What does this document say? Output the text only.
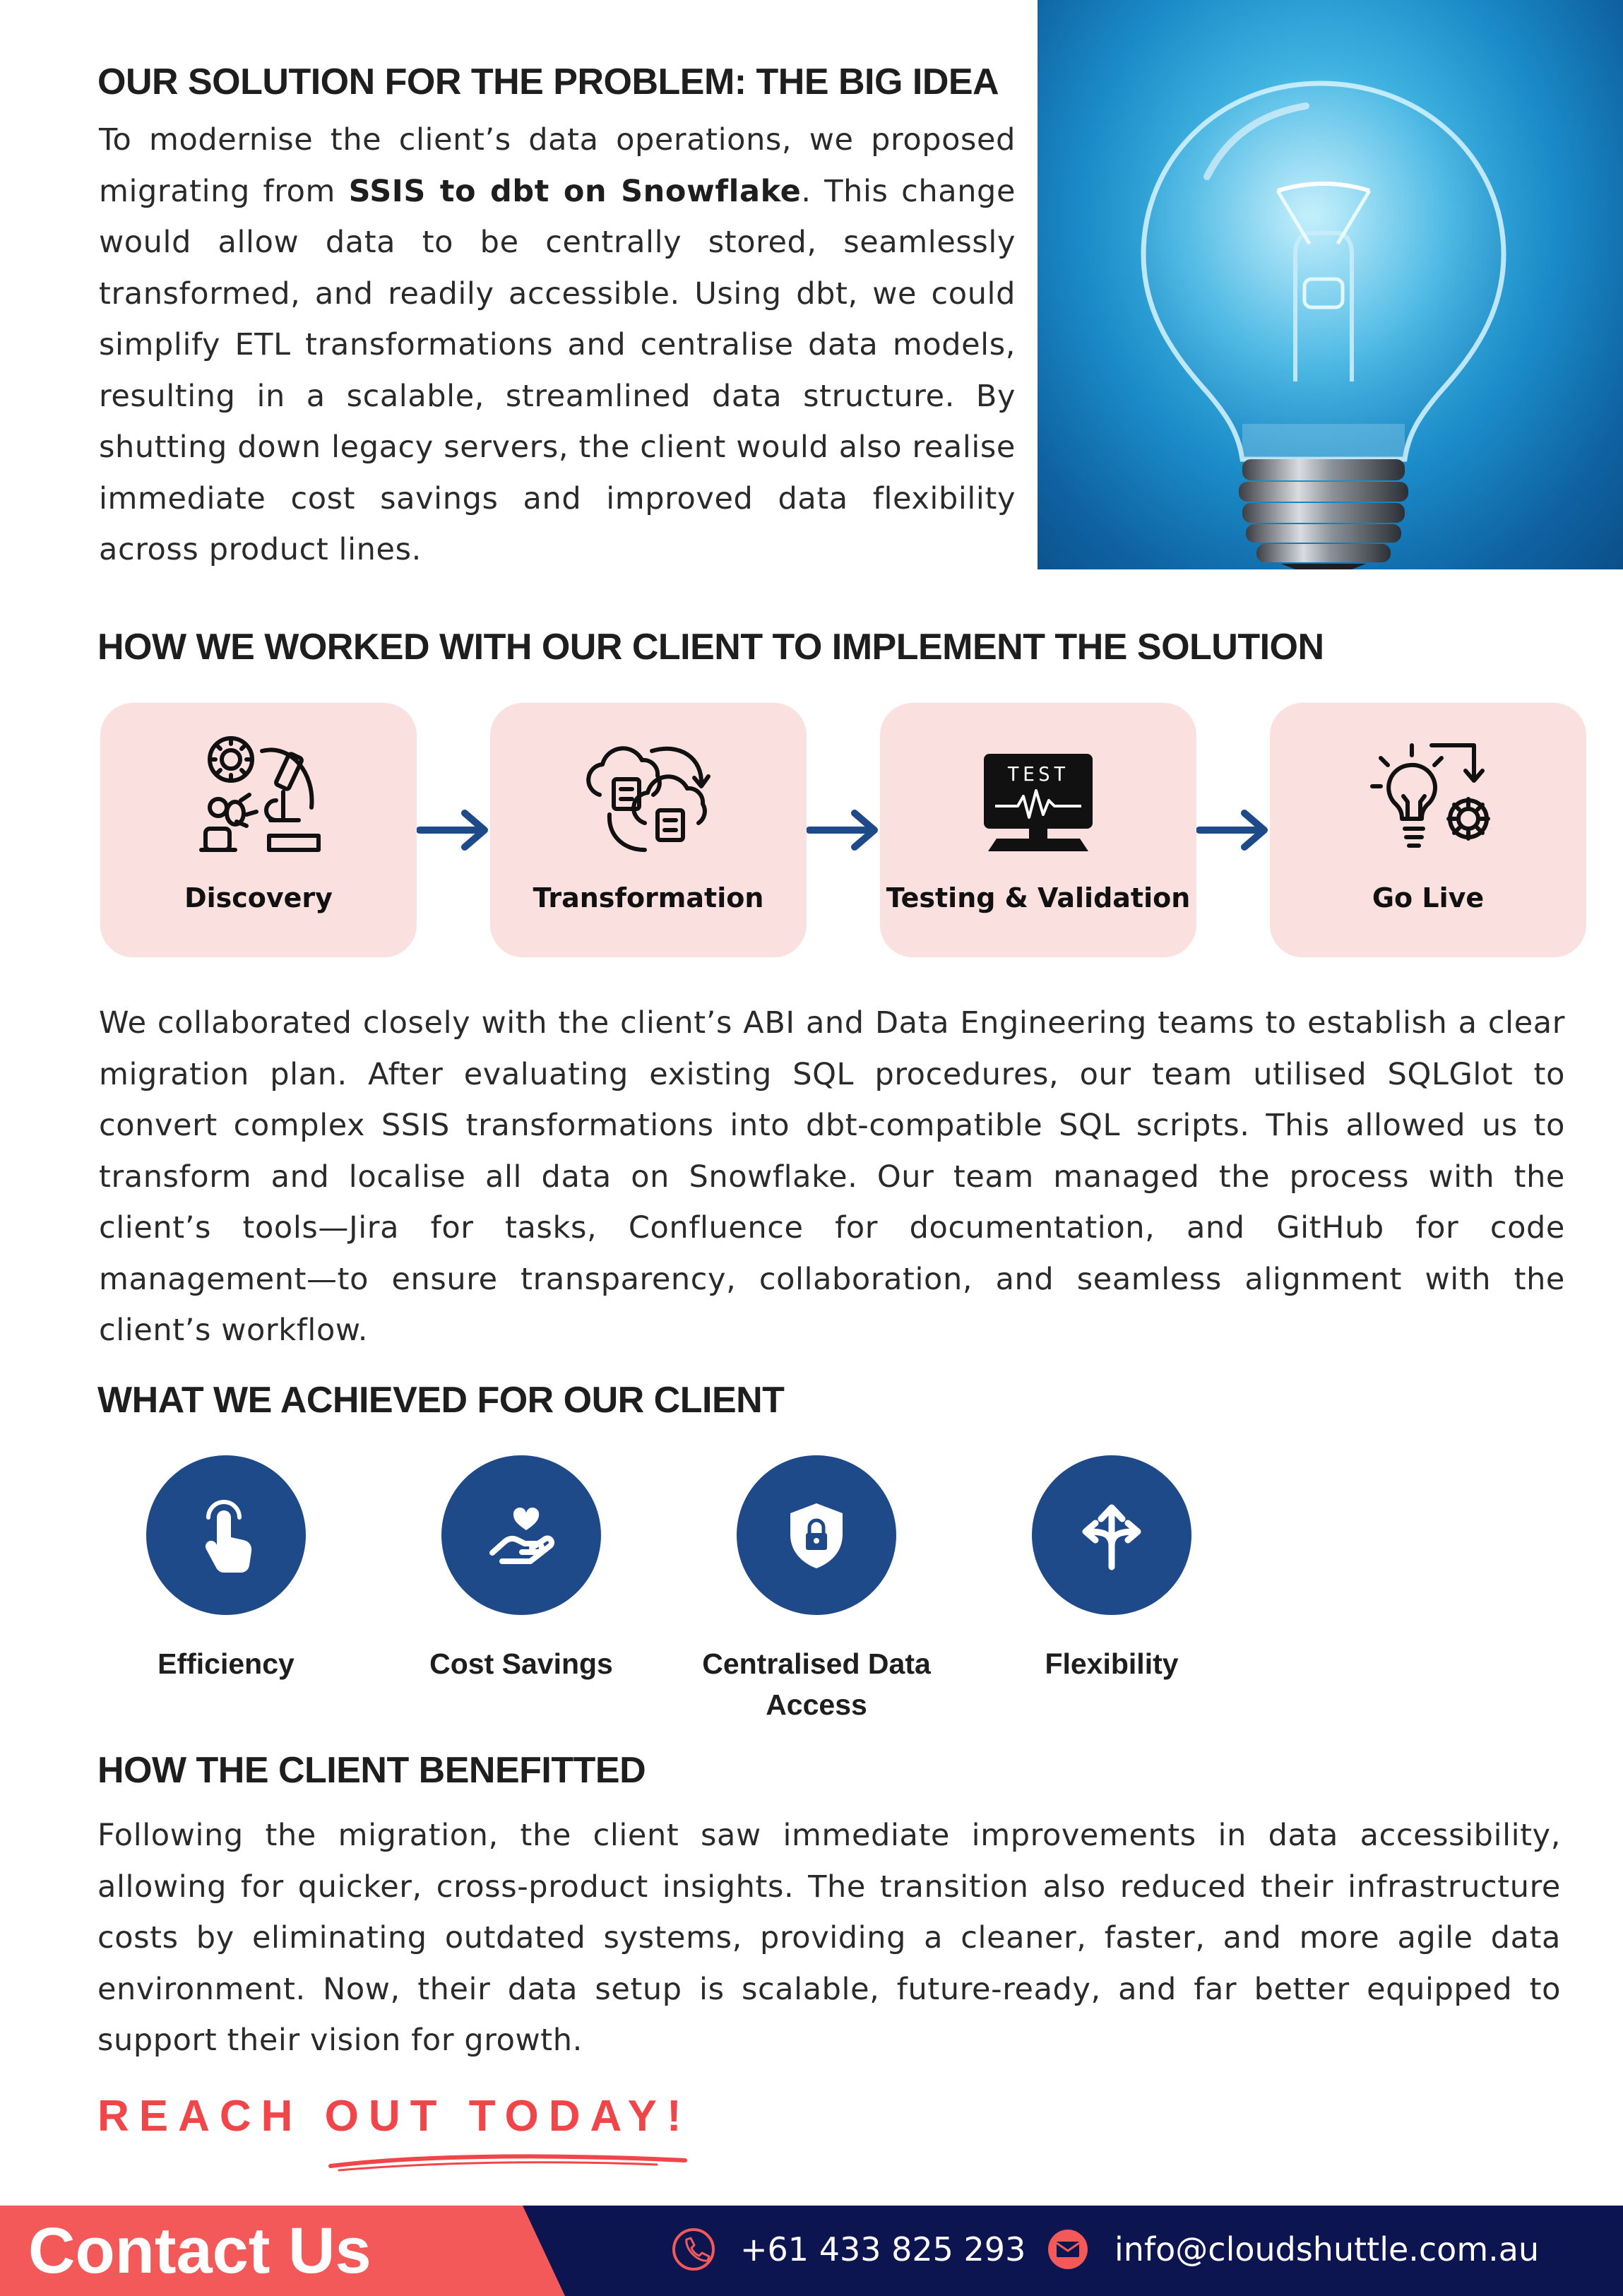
OUR SOLUTION FOR THE PROBLEM: THE BIG IDEA

To modernise the client’s data operations, we proposed migrating from SSIS to dbt on Snowflake. This change would allow data to be centrally stored, seamlessly transformed, and readily accessible. Using dbt, we could simplify ETL transformations and centralise data models, resulting in a scalable, streamlined data structure. By shutting down legacy servers, the client would also realise immediate cost savings and improved data flexibility across product lines.

HOW WE WORKED WITH OUR CLIENT TO IMPLEMENT THE SOLUTION
Discovery	Transformation
TEST
Testing & Validation	Go Live

We collaborated closely with the client’s ABI and Data Engineering teams to establish a clear migration plan. After evaluating existing SQL procedures, our team utilised SQLGlot to convert complex SSIS transformations into dbt-compatible SQL scripts. This allowed us to transform and localise all data on Snowflake. Our team managed the process with the client’s tools—Jira for tasks, Confluence for documentation, and GitHub for code management—to ensure transparency, collaboration, and seamless alignment with the client’s workflow.

WHAT WE ACHIEVED FOR OUR CLIENT
Efficiency	Cost Savings	Centralised Data
Access
Flexibility

HOW THE CLIENT BENEFITTED

Following the migration, the client saw immediate improvements in data accessibility, allowing for quicker, cross-product insights. The transition also reduced their infrastructure costs by eliminating outdated systems, providing a cleaner, faster, and more agile data environment. Now, their data setup is scalable, future-ready, and far better equipped to support their vision for growth.

REACH OUT TODAY!
Contact Us	+61 433 825 293	info@cloudshuttle.com.au
